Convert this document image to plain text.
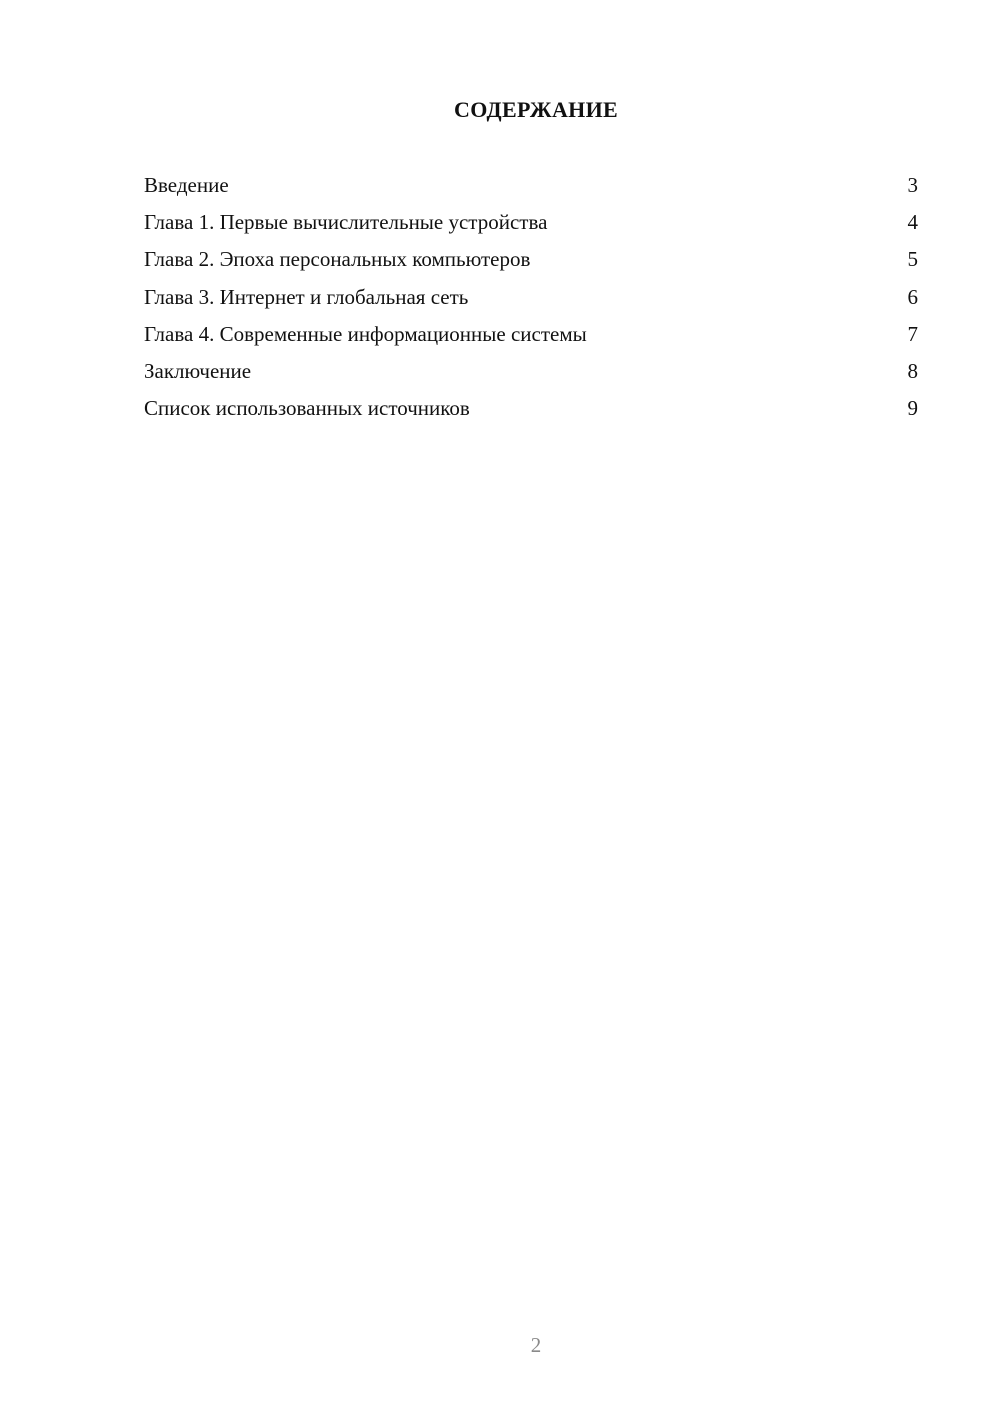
СОДЕРЖАНИЕ
Введение	3
Глава 1. Первые вычислительные устройства	4
Глава 2. Эпоха персональных компьютеров	5
Глава 3. Интернет и глобальная сеть	6
Глава 4. Современные информационные системы	7
Заключение	8
Список использованных источников	9
2
